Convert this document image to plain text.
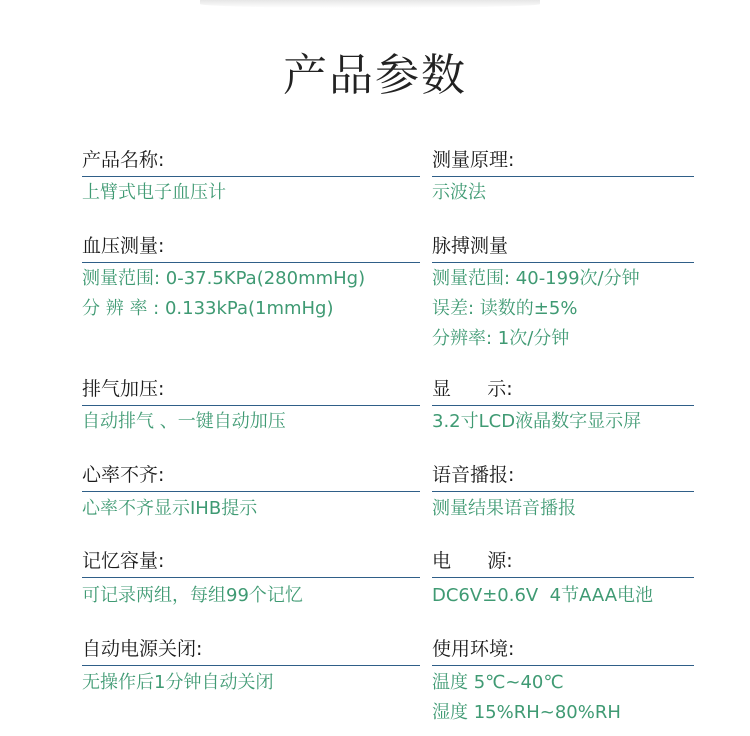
产品参数
产品名称:
上臂式电子血压计
测量原理:
示波法
血压测量:
测量范围: 0-37.5KPa(280mmHg)
分 辨 率 : 0.133kPa(1mmHg)
脉搏测量
测量范围: 40-199次/分钟
误差: 读数的±5%
分辨率: 1次/分钟
排气加压:
自动排气 、一键自动加压
显      示:
3.2寸LCD液晶数字显示屏
心率不齐:
心率不齐显示IHB提示
语音播报:
测量结果语音播报
记忆容量:
可记录两组，每组99个记忆
电      源:
DC6V±0.6V  4节AAA电池
自动电源关闭:
无操作后1分钟自动关闭
使用环境:
温度 5℃~40℃
湿度 15%RH~80%RH
